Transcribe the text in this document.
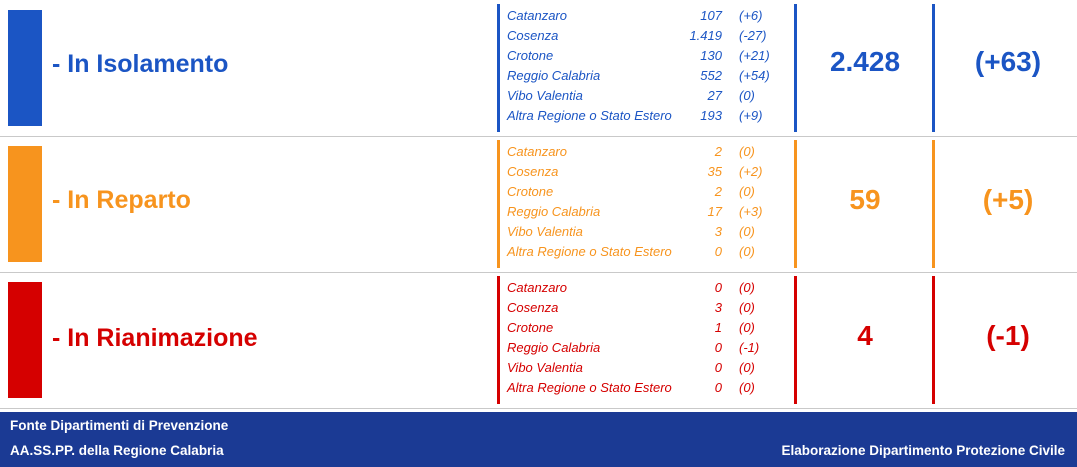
- In Isolamento
Catanzaro	107 (+6)
Cosenza	1.419 (-27)
Crotone	130 (+21)
Reggio Calabria	552 (+54)
Vibo Valentia	27 (0)
Altra Regione o Stato Estero	193 (+9)
2.428	(+63)
- In Reparto
Catanzaro	2 (0)
Cosenza	35 (+2)
Crotone	2 (0)
Reggio Calabria	17 (+3)
Vibo Valentia	3 (0)
Altra Regione o Stato Estero	0 (0)
59	(+5)
- In Rianimazione
Catanzaro	0 (0)
Cosenza	3 (0)
Crotone	1 (0)
Reggio Calabria	0 (-1)
Vibo Valentia	0 (0)
Altra Regione o Stato Estero	0 (0)
4	(-1)
Fonte Dipartimenti di Prevenzione
AA.SS.PP. della Regione Calabria	Elaborazione Dipartimento Protezione Civile
